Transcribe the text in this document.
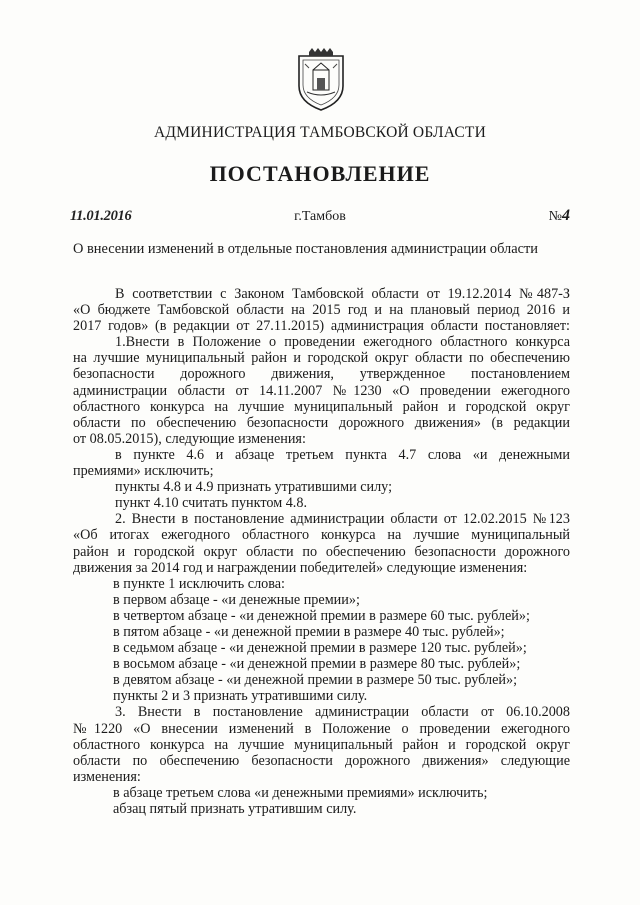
АДМИНИСТРАЦИЯ ТАМБОВСКОЙ ОБЛАСТИ
ПОСТАНОВЛЕНИЕ
11.01.2016	г.Тамбов	№4
О внесении изменений в отдельные постановления администрации области

В соответствии с Законом Тамбовской области от 19.12.2014 №487-З

«О бюджете Тамбовской области на 2015 год и на плановый период 2016 и

2017 годов» (в редакции от 27.11.2015) администрация области постановляет:

1.Внести в Положение о проведении ежегодного областного конкурса

на лучшие муниципальный район и городской округ области по обеспечению

безопасности дорожного движения, утвержденное постановлением

администрации области от 14.11.2007 №1230 «О проведении ежегодного

областного конкурса на лучшие муниципальный район и городской округ

области по обеспечению безопасности дорожного движения» (в редакции

от 08.05.2015), следующие изменения:

в пункте 4.6 и абзаце третьем пункта 4.7 слова «и денежными

премиями» исключить;

пункты 4.8 и 4.9 признать утратившими силу;

пункт 4.10 считать пунктом 4.8.

2. Внести в постановление администрации области от 12.02.2015 №123

«Об итогах ежегодного областного конкурса на лучшие муниципальный

район и городской округ области по обеспечению безопасности дорожного

движения за 2014 год и награждении победителей» следующие изменения:

в пункте 1 исключить слова:

в первом абзаце - «и денежные премии»;

в четвертом абзаце - «и денежной премии в размере 60 тыс. рублей»;

в пятом абзаце - «и денежной премии в размере 40 тыс. рублей»;

в седьмом абзаце - «и денежной премии в размере 120 тыс. рублей»;

в восьмом абзаце - «и денежной премии в размере 80 тыс. рублей»;

в девятом абзаце - «и денежной премии в размере 50 тыс. рублей»;

пункты 2 и 3 признать утратившими силу.

3. Внести в постановление администрации области от 06.10.2008

№1220 «О внесении изменений в Положение о проведении ежегодного

областного конкурса на лучшие муниципальный район и городской округ

области по обеспечению безопасности дорожного движения» следующие

изменения:

в абзаце третьем слова «и денежными премиями» исключить;

абзац пятый признать утратившим силу.
